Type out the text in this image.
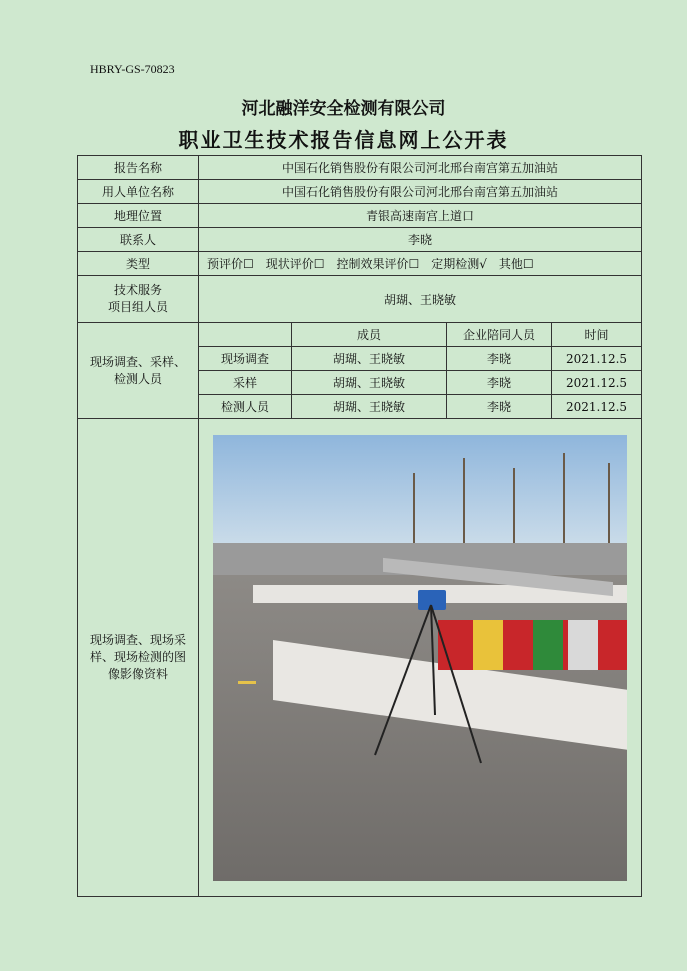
HBRY-GS-70823
河北融洋安全检测有限公司
职业卫生技术报告信息网上公开表
报告名称	中国石化销售股份有限公司河北邢台南宫第五加油站			
用人单位名称	中国石化销售股份有限公司河北邢台南宫第五加油站			
地理位置	青银高速南宫上道口			
联系人	李晓			
类型	预评价☐　现状评价☐　控制效果评价☐　定期检测√　其他☐			

技术服务
项目组人员	胡瑚、王晓敏			

现场调查、采样、
检测人员		成员	企业陪同人员	时间
	现场调查	胡瑚、王晓敏	李晓	2021.12.5
	采样	胡瑚、王晓敏	李晓	2021.12.5
	检测人员	胡瑚、王晓敏	李晓	2021.12.5

现场调查、现场采
样、现场检测的图
像影像资料
